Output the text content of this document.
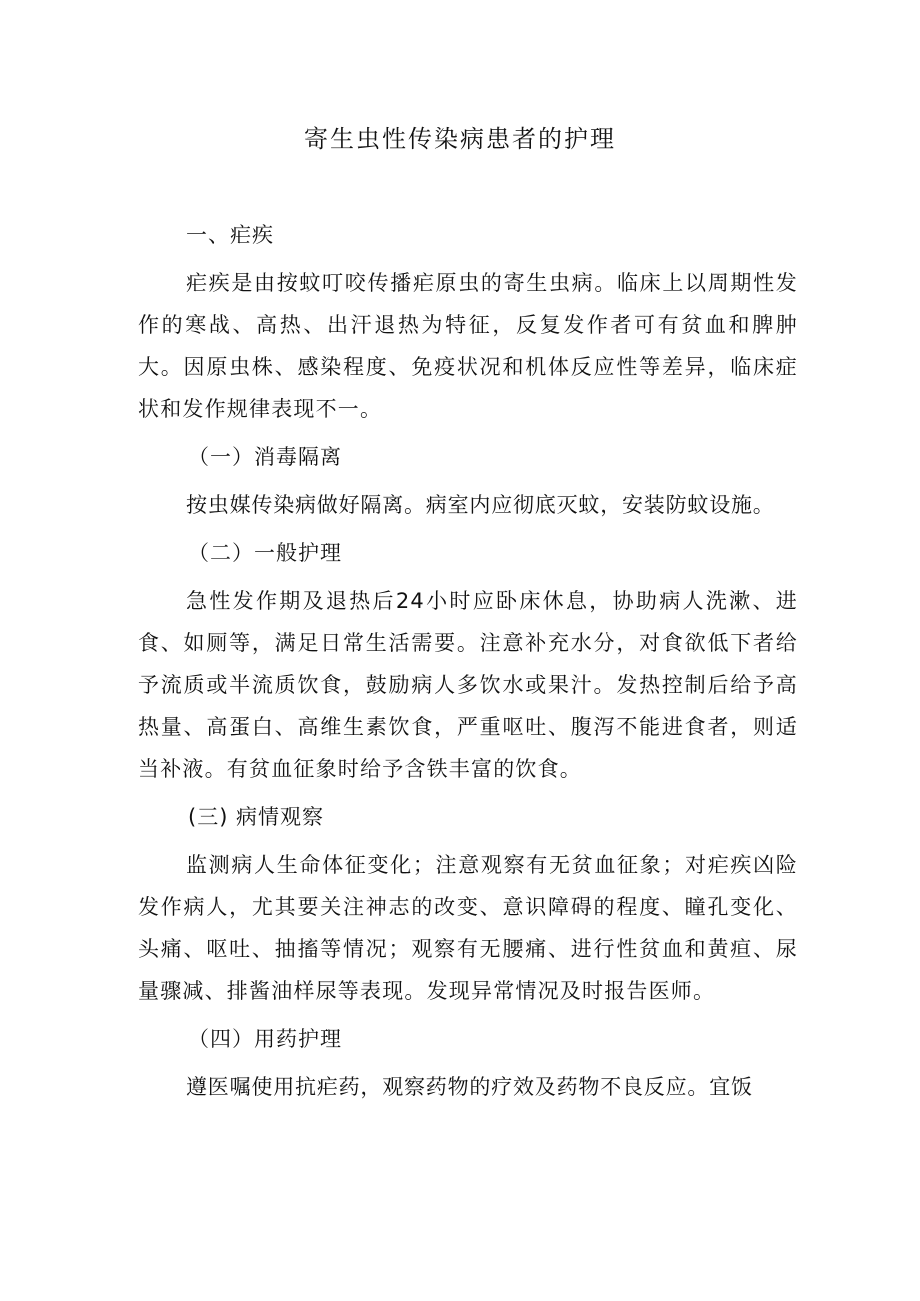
寄生虫性传染病患者的护理
一、疟疾

疟疾是由按蚊叮咬传播疟原虫的寄生虫病。临床上以周期性发作的寒战、高热、出汗退热为特征，反复发作者可有贫血和脾肿大。因原虫株、感染程度、免疫状况和机体反应性等差异，临床症状和发作规律表现不一。

（一）消毒隔离

按虫媒传染病做好隔离。病室内应彻底灭蚊，安装防蚊设施。

（二）一般护理

急性发作期及退热后24小时应卧床休息，协助病人洗漱、进食、如厕等，满足日常生活需要。注意补充水分，对食欲低下者给予流质或半流质饮食，鼓励病人多饮水或果汁。发热控制后给予高热量、高蛋白、高维生素饮食，严重呕吐、腹泻不能进食者，则适当补液。有贫血征象时给予含铁丰富的饮食。

(三) 病情观察

监测病人生命体征变化；注意观察有无贫血征象；对疟疾凶险发作病人，尤其要关注神志的改变、意识障碍的程度、瞳孔变化、头痛、呕吐、抽搐等情况；观察有无腰痛、进行性贫血和黄疸、尿量骤减、排酱油样尿等表现。发现异常情况及时报告医师。

（四）用药护理

遵医嘱使用抗疟药，观察药物的疗效及药物不良反应。宜饭
